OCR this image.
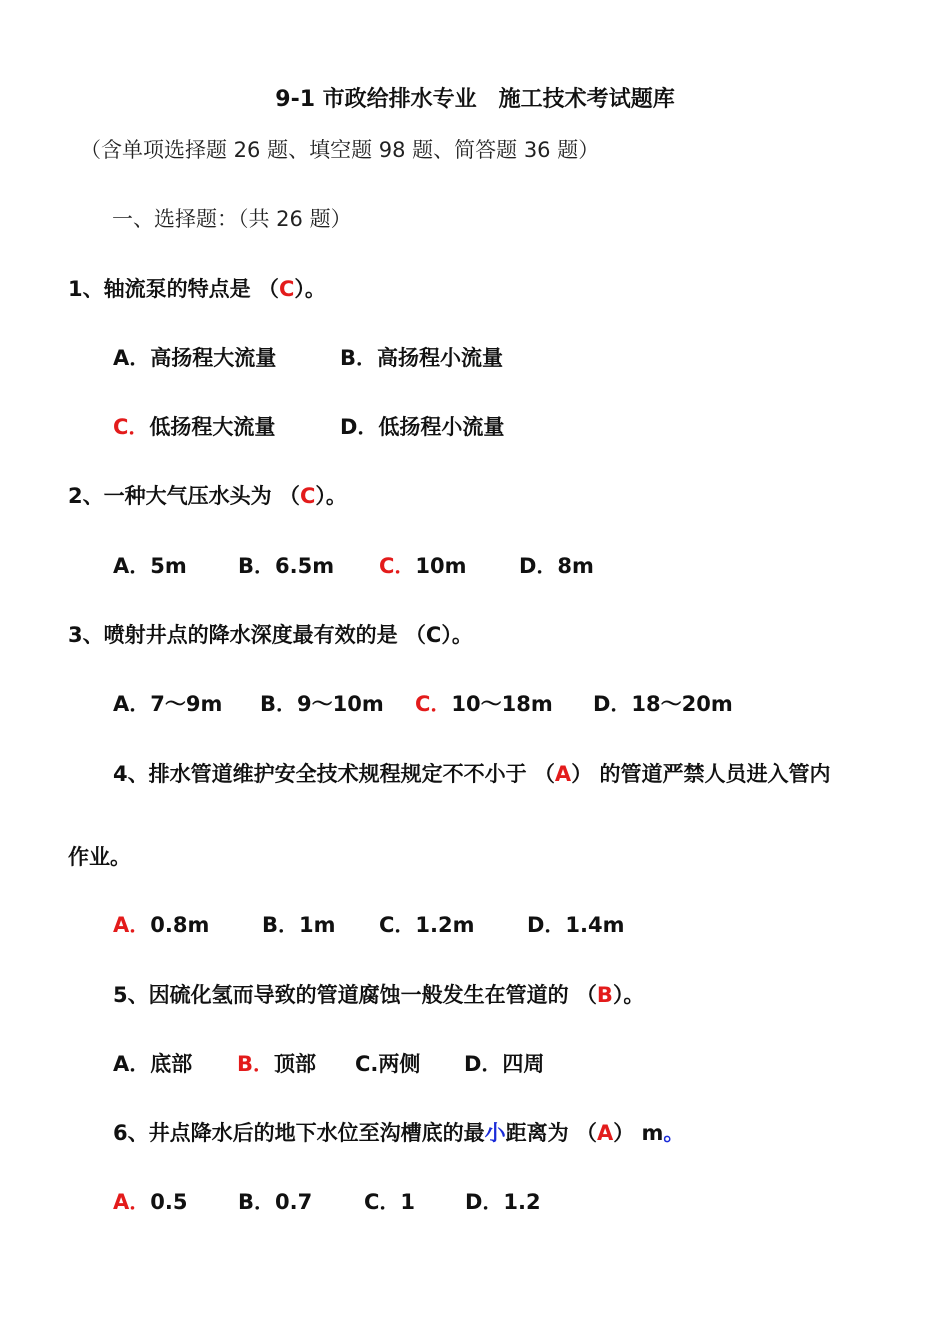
9-1 市政给排水专业　施工技术考试题库
（含单项选择题 26 题、填空题 98 题、简答题 36 题）
一、选择题：（共 26 题）
1、轴流泵的特点是 （C）。
A．高扬程大流量	B．高扬程小流量
C．低扬程大流量	D．低扬程小流量
2、一种大气压水头为 （C）。
A．5m B．6.5m C．10m D．8m
3、喷射井点的降水深度最有效的是 （C）。
A．7～9m B．9～10m C．10～18m D．18～20m
4、排水管道维护安全技术规程规定不不小于 （A） 的管道严禁人员进入管内
作业。
A．0.8m	B．1m C．1.2m	D．1.4m
5、因硫化氢而导致的管道腐蚀一般发生在管道的 （B）。
A．底部 B．顶部 C.两侧 D．四周
6、井点降水后的地下水位至沟槽底的最小距离为 （A） m。
A．0.5 B．0.7 C．1 D．1.2
